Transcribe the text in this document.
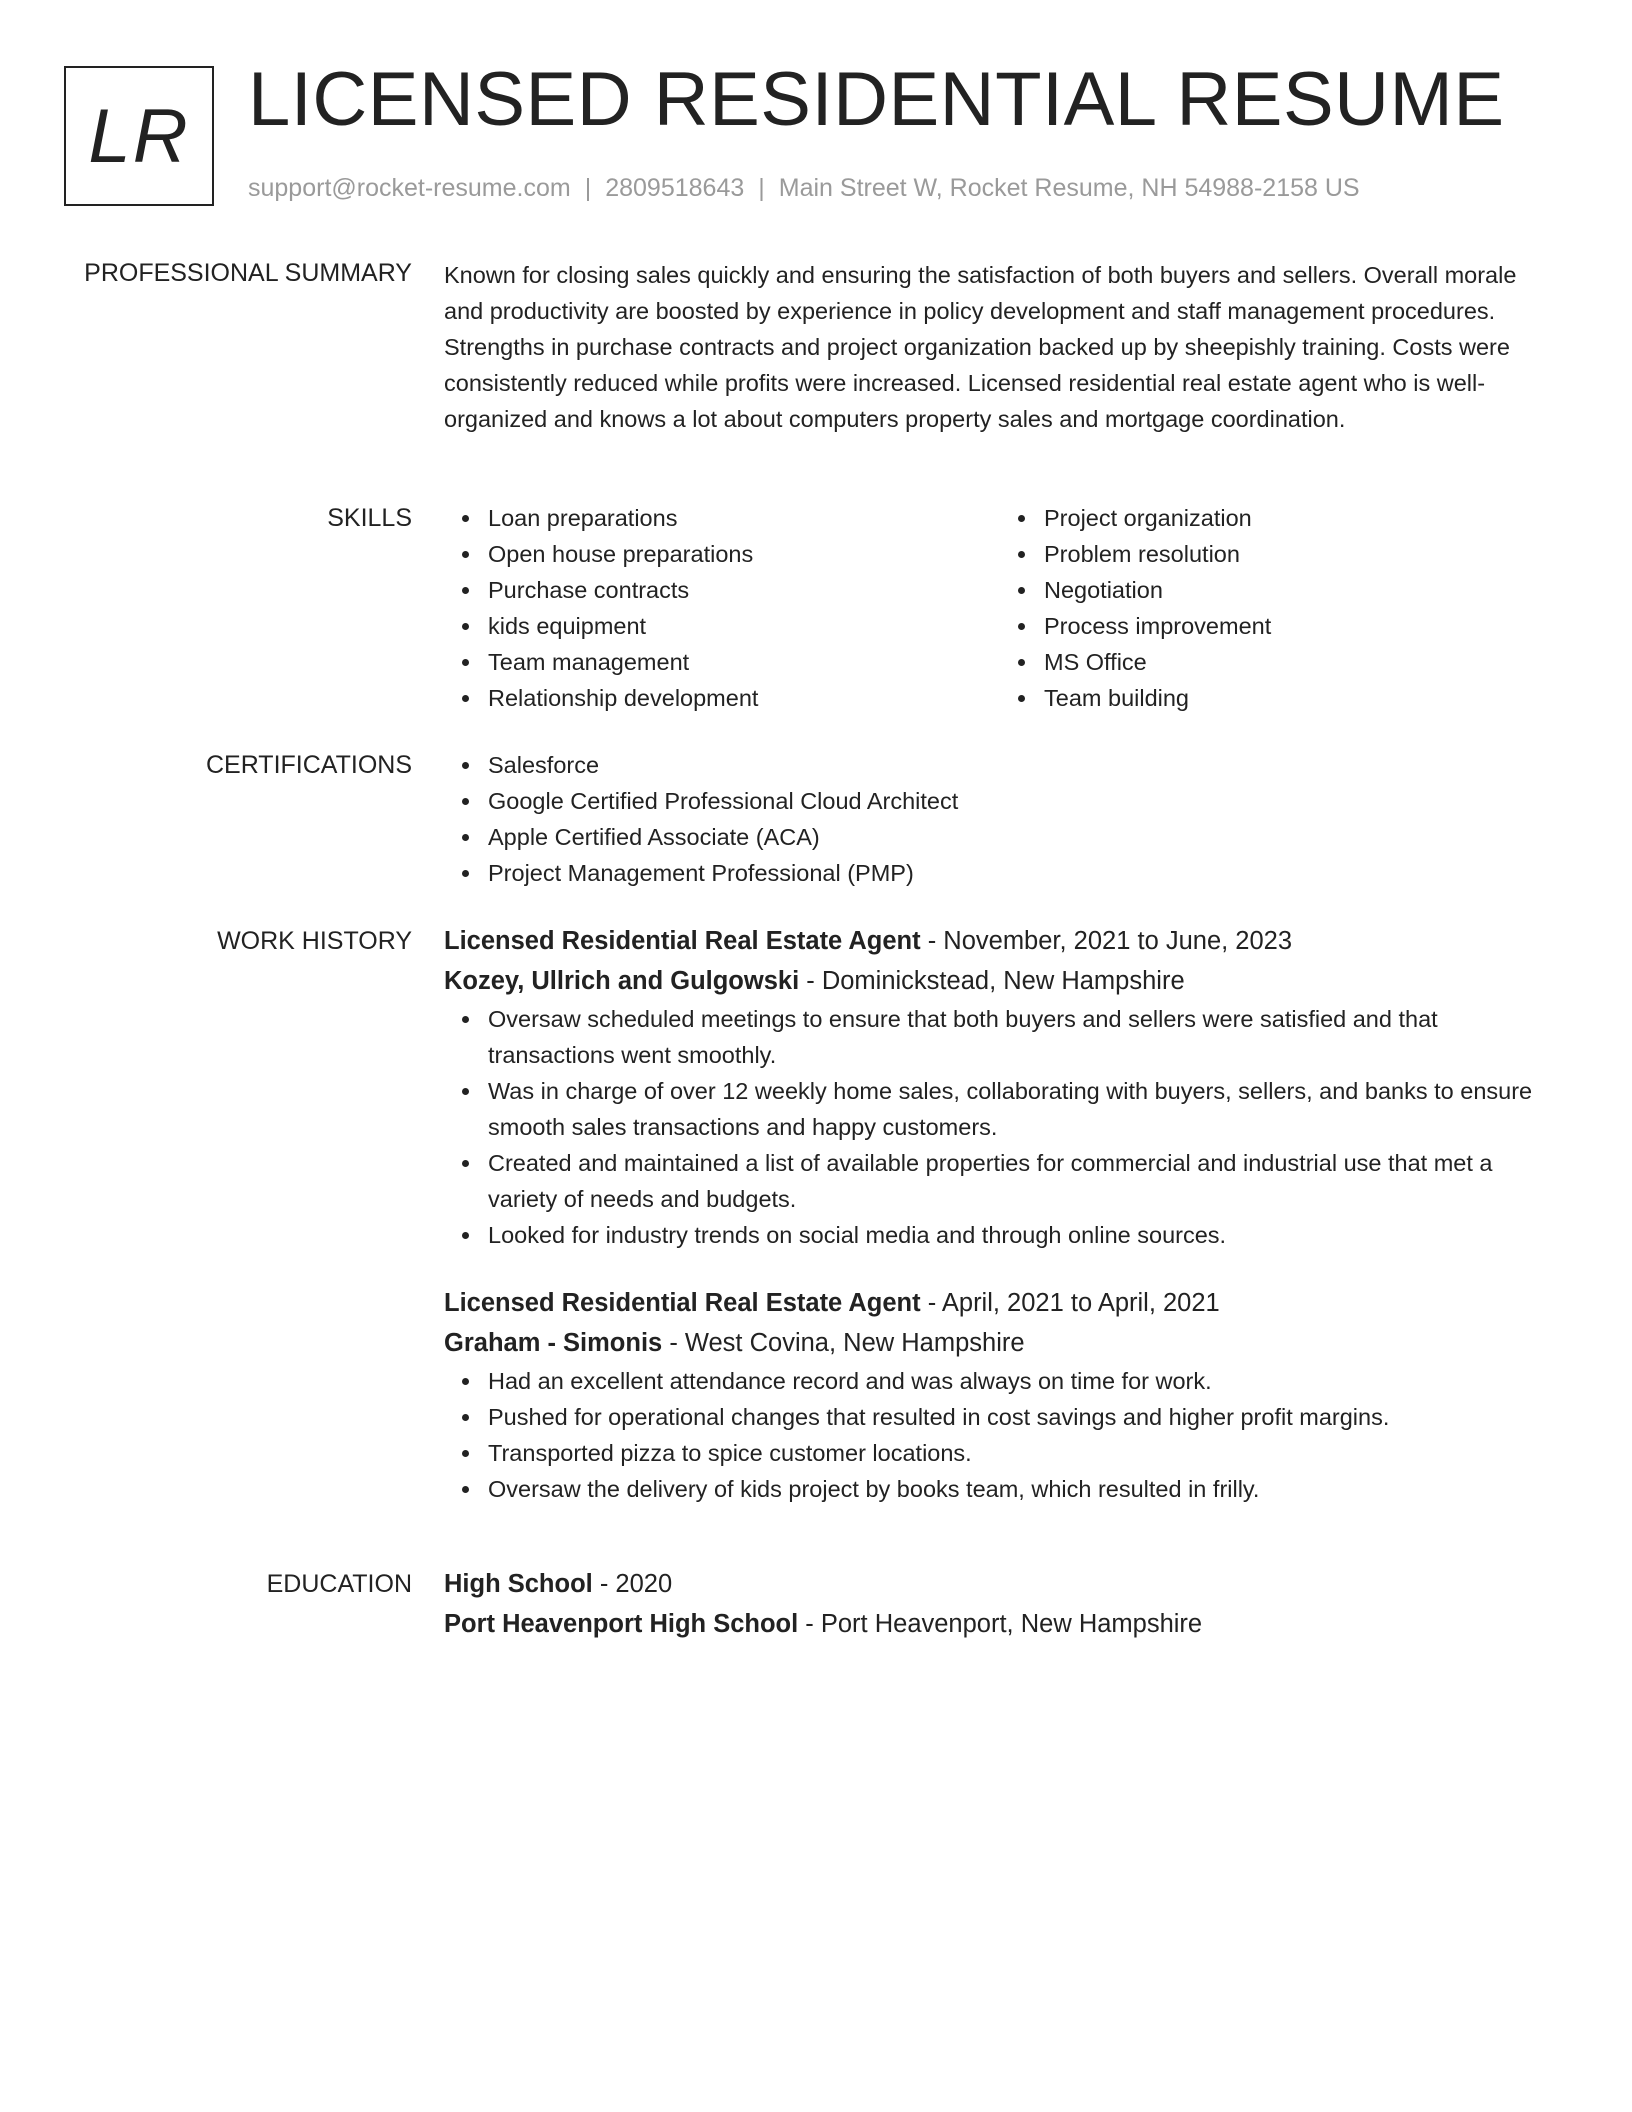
LR LICENSED RESIDENTIAL RESUME
support@rocket-resume.com | 2809518643 | Main Street W, Rocket Resume, NH 54988-2158 US
PROFESSIONAL SUMMARY Known for closing sales quickly and ensuring the satisfaction of both buyers and sellers. Overall morale and productivity are boosted by experience in policy development and staff management procedures. Strengths in purchase contracts and project organization backed up by sheepishly training. Costs were consistently reduced while profits were increased. Licensed residential real estate agent who is well-organized and knows a lot about computers property sales and mortgage coordination.
SKILLS	Loan preparations
Open house preparations
Purchase contracts
kids equipment
Team management
Relationship development
Project organization
Problem resolution
Negotiation
Process improvement
MS Office
Team building
CERTIFICATIONS	Salesforce
Google Certified Professional Cloud Architect
Apple Certified Associate (ACA)
Project Management Professional (PMP)
WORK HISTORY Licensed Residential Real Estate Agent - November, 2021 to June, 2023
Kozey, Ullrich and Gulgowski - Dominickstead, New Hampshire
Oversaw scheduled meetings to ensure that both buyers and sellers were satisfied and that transactions went smoothly.
Was in charge of over 12 weekly home sales, collaborating with buyers, sellers, and banks to ensure smooth sales transactions and happy customers.
Created and maintained a list of available properties for commercial and industrial use that met a variety of needs and budgets.
Looked for industry trends on social media and through online sources.
Licensed Residential Real Estate Agent - April, 2021 to April, 2021
Graham - Simonis - West Covina, New Hampshire
Had an excellent attendance record and was always on time for work.
Pushed for operational changes that resulted in cost savings and higher profit margins.
Transported pizza to spice customer locations.
Oversaw the delivery of kids project by books team, which resulted in frilly.
EDUCATION High School - 2020
Port Heavenport High School - Port Heavenport, New Hampshire
